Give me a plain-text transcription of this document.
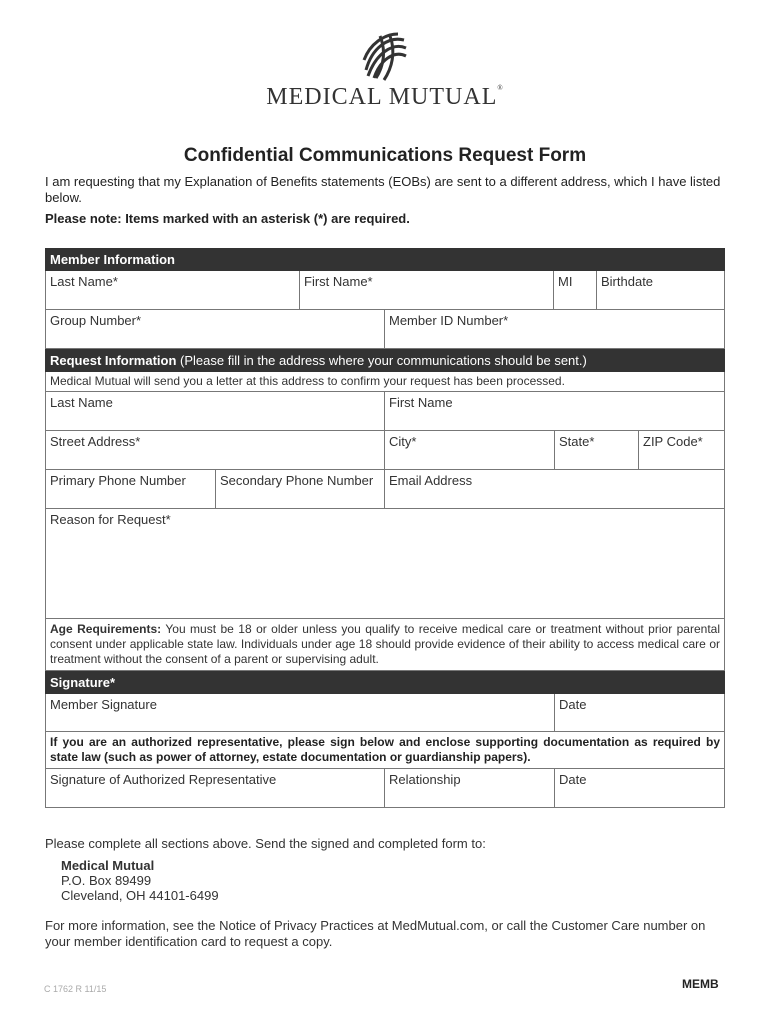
MEDICAL MUTUAL®
Confidential Communications Request Form
I am requesting that my Explanation of Benefits statements (EOBs) are sent to a different address, which I have listed below.
Please note: Items marked with an asterisk (*) are required.
Member Information
Last Name*	First Name*	MI	Birthdate
Group Number*	Member ID Number*
Request Information (Please fill in the address where your communications should be sent.)
Medical Mutual will send you a letter at this address to confirm your request has been processed.
Last Name	First Name
Street Address*	City*	State*	ZIP Code*
Primary Phone Number	Secondary Phone Number	Email Address
Reason for Request*
Age Requirements: You must be 18 or older unless you qualify to receive medical care or treatment without prior parental consent under applicable state law. Individuals under age 18 should provide evidence of their ability to access medical care or treatment without the consent of a parent or supervising adult.
Signature*
Member Signature	Date
If you are an authorized representative, please sign below and enclose supporting documentation as required by state law (such as power of attorney, estate documentation or guardianship papers).
Signature of Authorized Representative	Relationship	Date
Please complete all sections above. Send the signed and completed form to:
Medical Mutual
P.O. Box 89499
Cleveland, OH 44101-6499
For more information, see the Notice of Privacy Practices at MedMutual.com, or call the Customer Care number on your member identification card to request a copy.
C 1762 R 11/15	MEMB
